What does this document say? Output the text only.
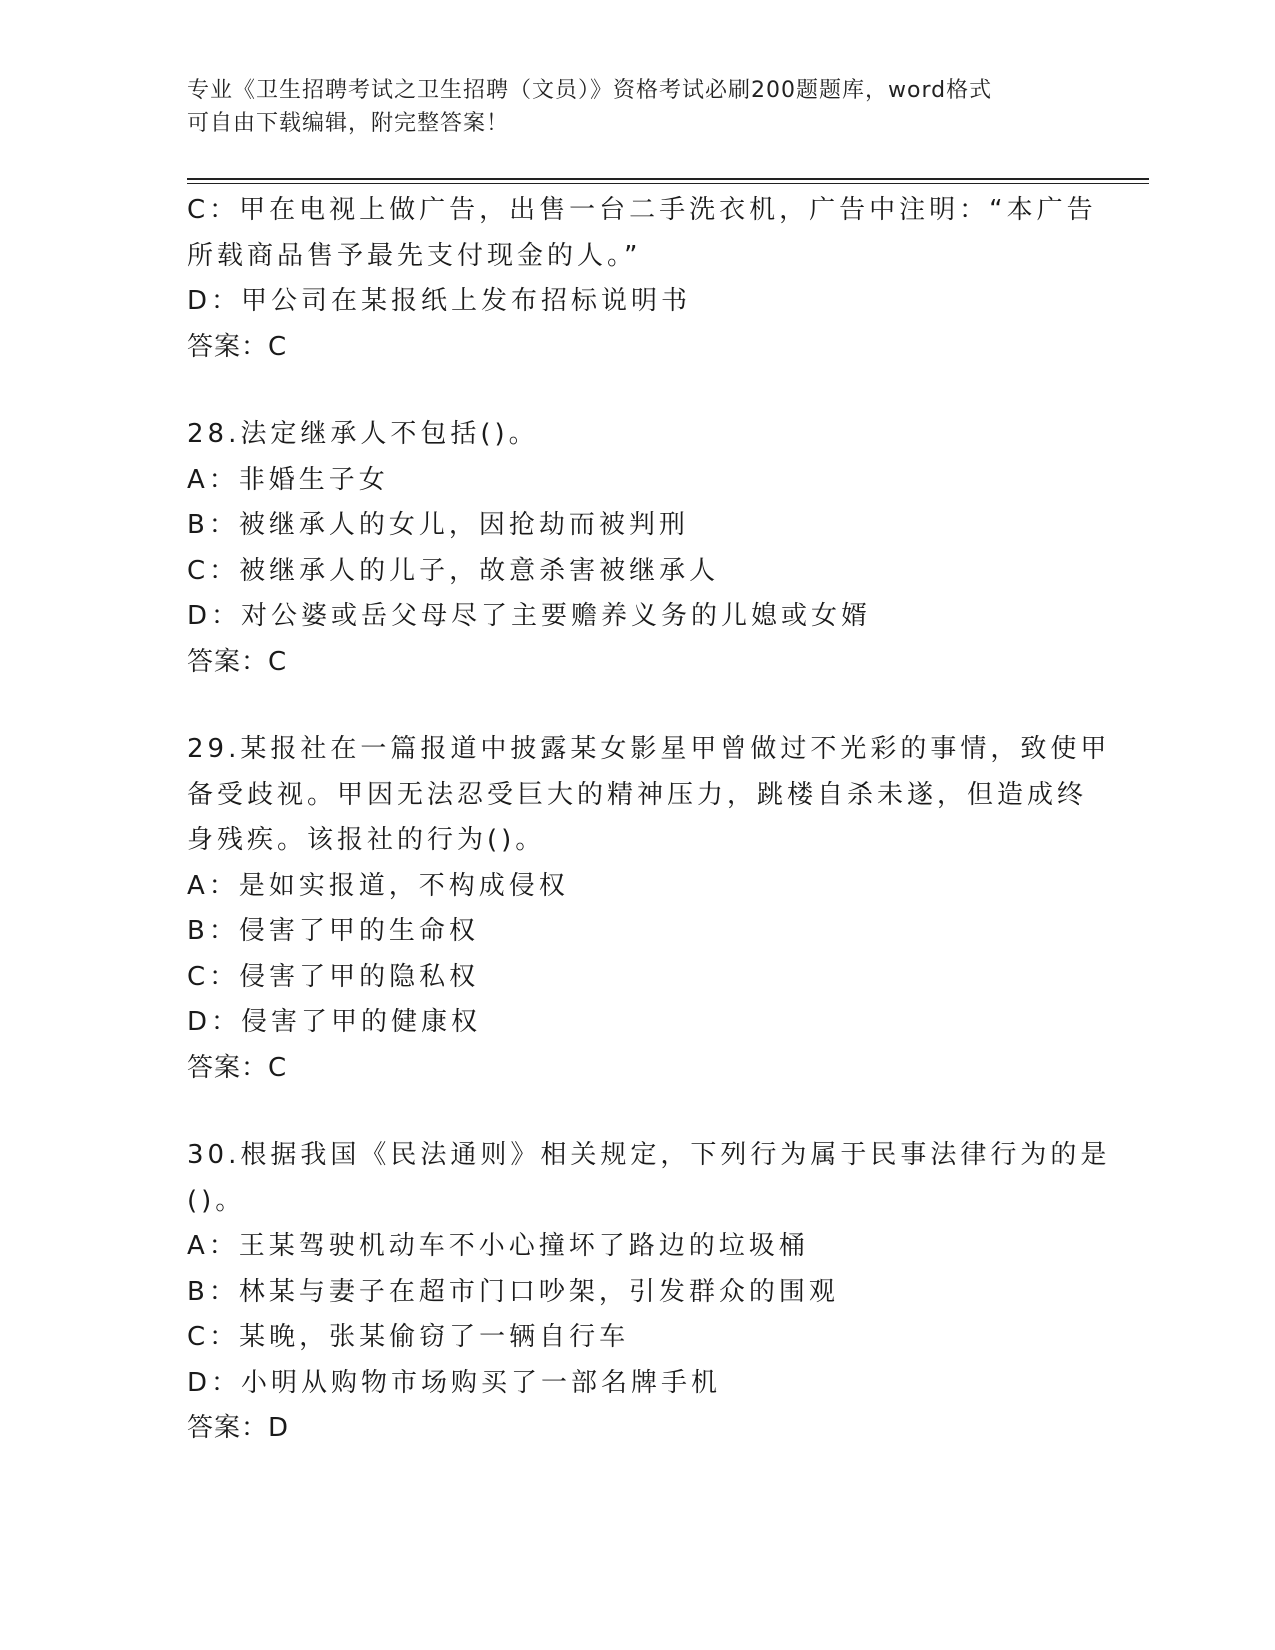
专业《卫生招聘考试之卫生招聘（文员）》资格考试必刷200题题库，word格式
可自由下载编辑，附完整答案！
C：甲在电视上做广告，出售一台二手洗衣机，广告中注明：“本广告
所载商品售予最先支付现金的人。”
D：甲公司在某报纸上发布招标说明书
答案：C
28.法定继承人不包括()。
A：非婚生子女
B：被继承人的女儿，因抢劫而被判刑
C：被继承人的儿子，故意杀害被继承人
D：对公婆或岳父母尽了主要赡养义务的儿媳或女婿
答案：C
29.某报社在一篇报道中披露某女影星甲曾做过不光彩的事情，致使甲
备受歧视。甲因无法忍受巨大的精神压力，跳楼自杀未遂，但造成终
身残疾。该报社的行为()。
A：是如实报道，不构成侵权
B：侵害了甲的生命权
C：侵害了甲的隐私权
D：侵害了甲的健康权
答案：C
30.根据我国《民法通则》相关规定，下列行为属于民事法律行为的是
()。
A：王某驾驶机动车不小心撞坏了路边的垃圾桶
B：林某与妻子在超市门口吵架，引发群众的围观
C：某晚，张某偷窃了一辆自行车
D：小明从购物市场购买了一部名牌手机
答案：D
